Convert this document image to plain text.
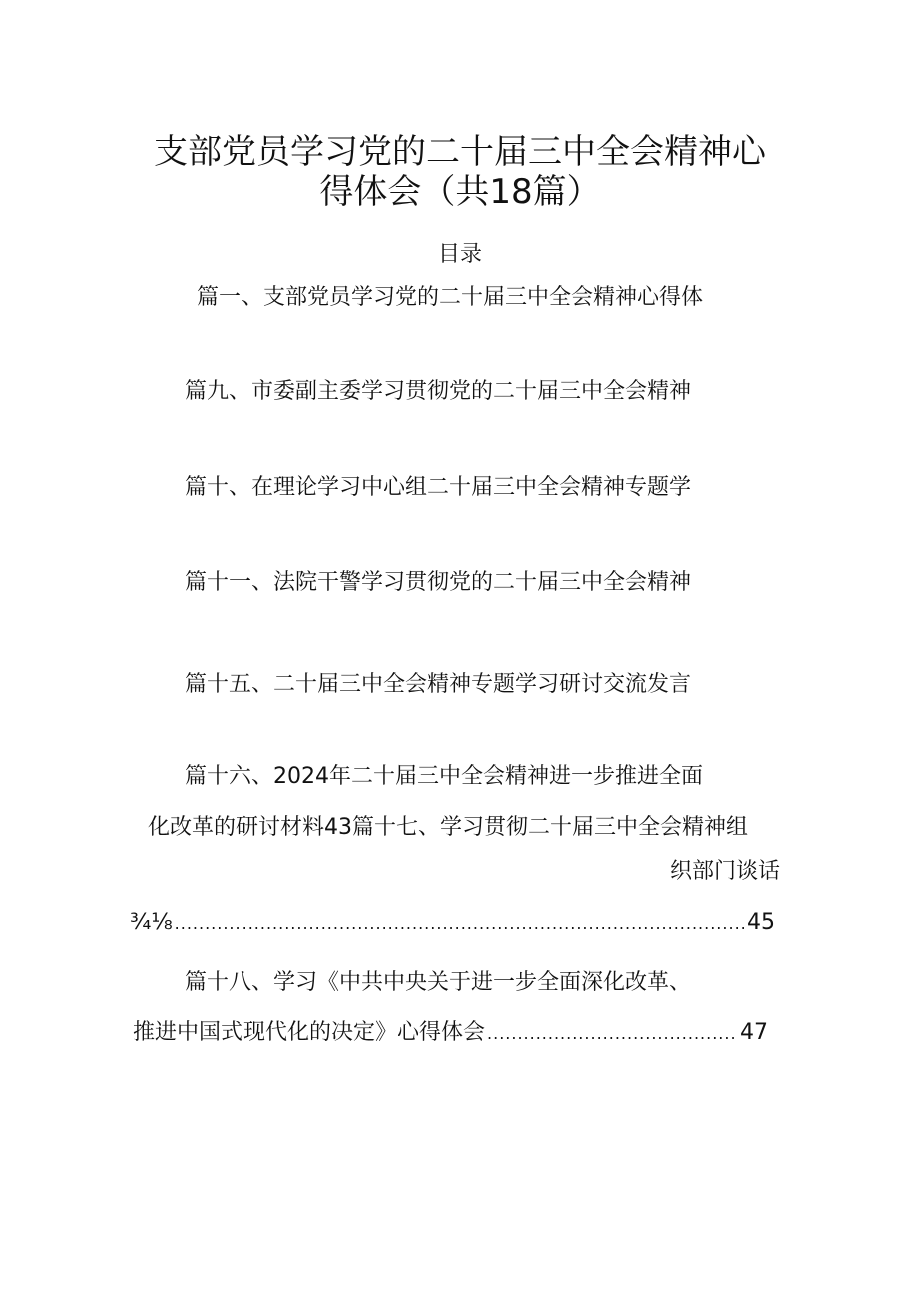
支部党员学习党的二十届三中全会精神心
得体会（共18篇）
目录
篇一、支部党员学习党的二十届三中全会精神心得体
篇九、市委副主委学习贯彻党的二十届三中全会精神
篇十、在理论学习中心组二十届三中全会精神专题学
篇十一、法院干警学习贯彻党的二十届三中全会精神
篇十五、二十届三中全会精神专题学习研讨交流发言
篇十六、2024年二十届三中全会精神进一步推进全面
化改革的研讨材料43篇十七、学习贯彻二十届三中全会精神组
织部门谈话
¾⅛ .....	45
篇十八、学习《中共中央关于进一步全面深化改革、
推进中国式现代化的决定》心得体会 .....	47
